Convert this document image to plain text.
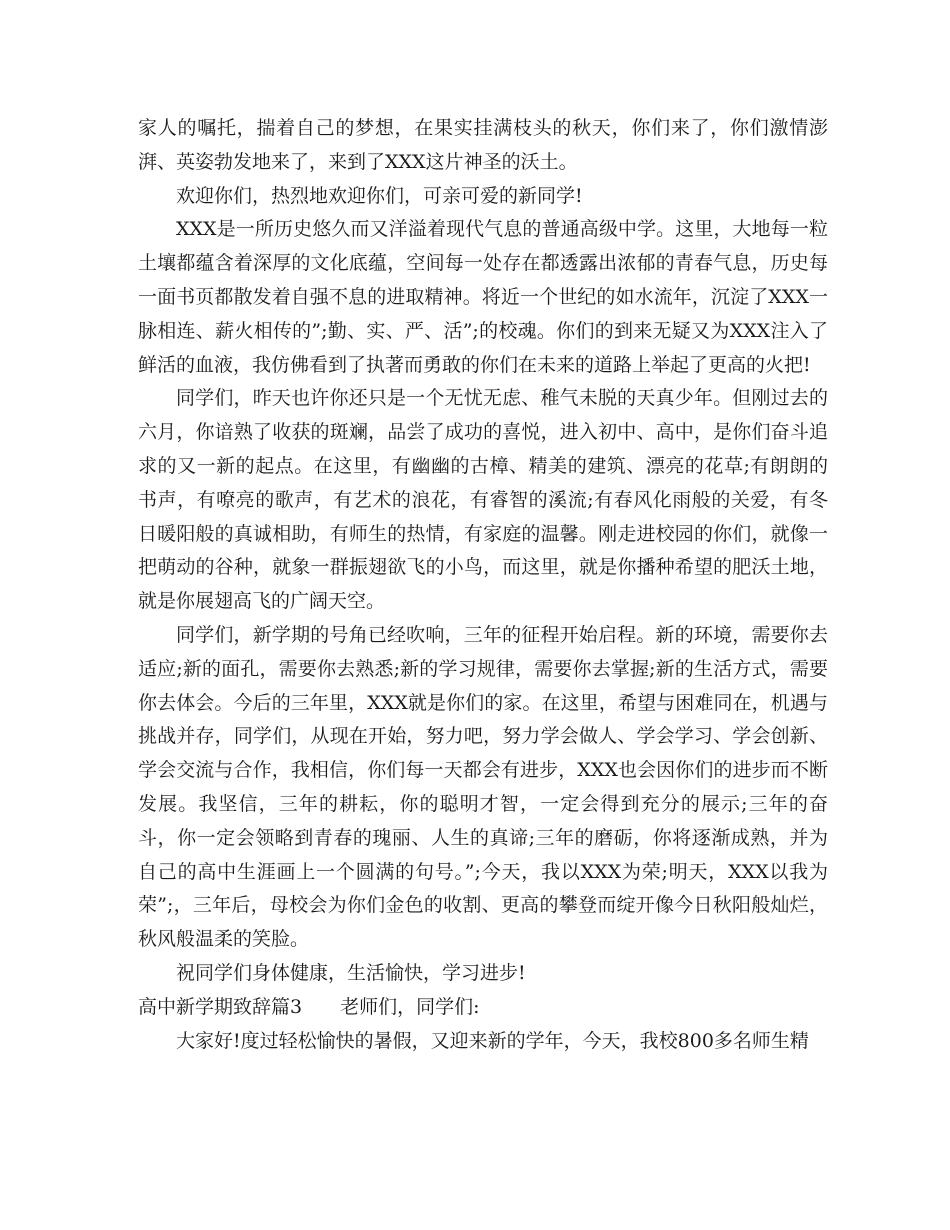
家人的嘱托，揣着自己的梦想，在果实挂满枝头的秋天，你们来了，你们激情澎湃、英姿勃发地来了，来到了XXX这片神圣的沃土。

欢迎你们，热烈地欢迎你们，可亲可爱的新同学!

XXX是一所历史悠久而又洋溢着现代气息的普通高级中学。这里，大地每一粒土壤都蕴含着深厚的文化底蕴，空间每一处存在都透露出浓郁的青春气息，历史每一面书页都散发着自强不息的进取精神。将近一个世纪的如水流年，沉淀了XXX一脉相连、薪火相传的”;勤、实、严、活”;的校魂。你们的到来无疑又为XXX注入了鲜活的血液，我仿佛看到了执著而勇敢的你们在未来的道路上举起了更高的火把!

同学们，昨天也许你还只是一个无忧无虑、稚气未脱的天真少年。但刚过去的六月，你谙熟了收获的斑斓，品尝了成功的喜悦，进入初中、高中，是你们奋斗追求的又一新的起点。在这里，有幽幽的古樟、精美的建筑、漂亮的花草;有朗朗的书声，有嘹亮的歌声，有艺术的浪花，有睿智的溪流;有春风化雨般的关爱，有冬日暖阳般的真诚相助，有师生的热情，有家庭的温馨。刚走进校园的你们，就像一把萌动的谷种，就象一群振翅欲飞的小鸟，而这里，就是你播种希望的肥沃土地，就是你展翅高飞的广阔天空。

同学们，新学期的号角已经吹响，三年的征程开始启程。新的环境，需要你去适应;新的面孔，需要你去熟悉;新的学习规律，需要你去掌握;新的生活方式，需要你去体会。今后的三年里，XXX就是你们的家。在这里，希望与困难同在，机遇与挑战并存，同学们，从现在开始，努力吧，努力学会做人、学会学习、学会创新、学会交流与合作，我相信，你们每一天都会有进步，XXX也会因你们的进步而不断发展。我坚信，三年的耕耘，你的聪明才智，一定会得到充分的展示;三年的奋斗，你一定会领略到青春的瑰丽、人生的真谛;三年的磨砺，你将逐渐成熟，并为自己的高中生涯画上一个圆满的句号。”;今天，我以XXX为荣;明天，XXX以我为荣”;，三年后，母校会为你们金色的收割、更高的攀登而绽开像今日秋阳般灿烂，秋风般温柔的笑脸。

祝同学们身体健康，生活愉快，学习进步!

高中新学期致辞篇3 老师们，同学们:

大家好!度过轻松愉快的暑假，又迎来新的学年，今天，我校800多名师生精
